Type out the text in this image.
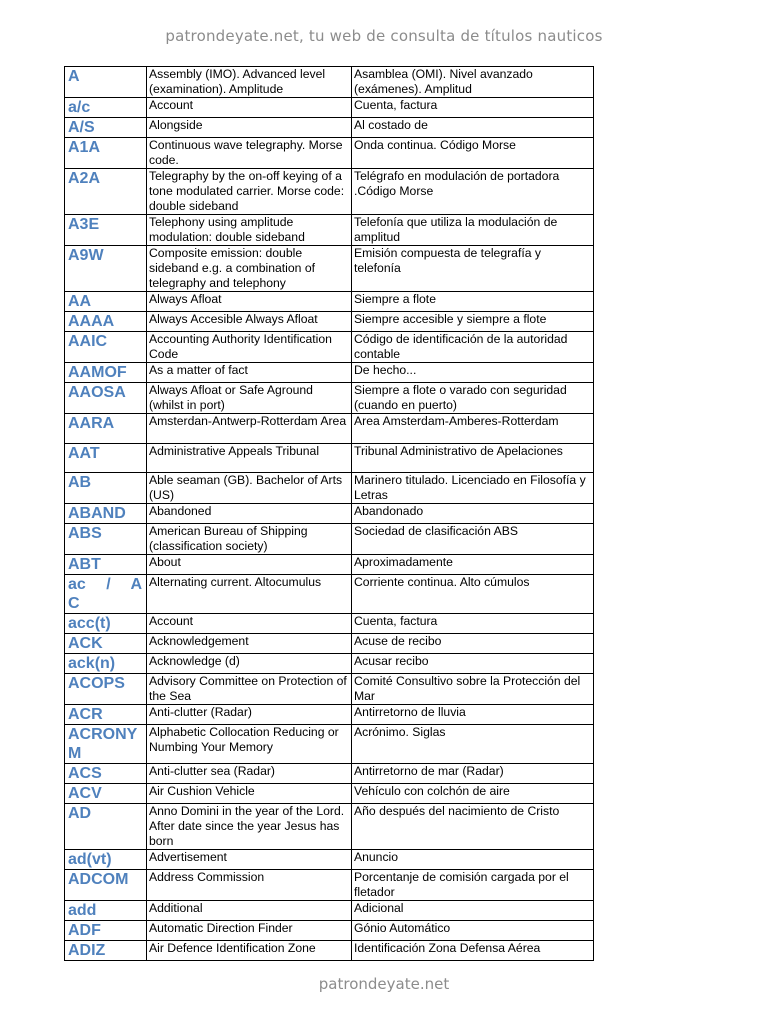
patrondeyate.net, tu web de consulta de títulos nauticos
A	Assembly (IMO). Advanced level (examination). Amplitude	Asamblea (OMI). Nivel avanzado (exámenes). Amplitud
a/c	Account	Cuenta, factura
A/S	Alongside	Al costado de
A1A	Continuous wave telegraphy. Morse code.	Onda continua. Código Morse
A2A	Telegraphy by the on-off keying of a tone modulated carrier. Morse code: double sideband	Telégrafo en modulación de portadora .Código Morse
A3E	Telephony using amplitude modulation: double sideband	Telefonía que utiliza la modulación de amplitud
A9W	Composite emission: double sideband e.g. a combination of telegraphy and telephony	Emisión compuesta de telegrafía y telefonía
AA	Always Afloat	Siempre a flote
AAAA	Always Accesible Always Afloat	Siempre accesible y siempre a flote
AAIC	Accounting Authority Identification Code	Código de identificación de la autoridad contable
AAMOF	As a matter of fact	De hecho...
AAOSA	Always Afloat or Safe Aground (whilst in port)	Siempre a flote o varado con seguridad (cuando en puerto)
AARA	Amsterdan-Antwerp-Rotterdam Area	Area Amsterdam-Amberes-Rotterdam
AAT	Administrative Appeals Tribunal	Tribunal Administrativo de Apelaciones
AB	Able seaman (GB). Bachelor of Arts (US)	Marinero titulado. Licenciado en Filosofía y Letras
ABAND	Abandoned	Abandonado
ABS	American Bureau of Shipping (classification society)	Sociedad de clasificación ABS
ABT	About	Aproximadamente
ac / AC	Alternating current. Altocumulus	Corriente continua. Alto cúmulos
acc(t)	Account	Cuenta, factura
ACK	Acknowledgement	Acuse de recibo
ack(n)	Acknowledge (d)	Acusar recibo
ACOPS	Advisory Committee on Protection of the Sea	Comité Consultivo sobre la Protección del Mar
ACR	Anti-clutter (Radar)	Antirretorno de lluvia
ACRONYM	Alphabetic Collocation Reducing or Numbing Your Memory	Acrónimo. Siglas
ACS	Anti-clutter sea (Radar)	Antirretorno de mar (Radar)
ACV	Air Cushion Vehicle	Vehículo con colchón de aire
AD	Anno Domini in the year of the Lord. After date since the year Jesus has born	Año después del nacimiento de Cristo
ad(vt)	Advertisement	Anuncio
ADCOM	Address Commission	Porcentanje de comisión cargada por el fletador
add	Additional	Adicional
ADF	Automatic Direction Finder	Gónio Automático
ADIZ	Air Defence Identification Zone	Identificación Zona Defensa Aérea
patrondeyate.net
